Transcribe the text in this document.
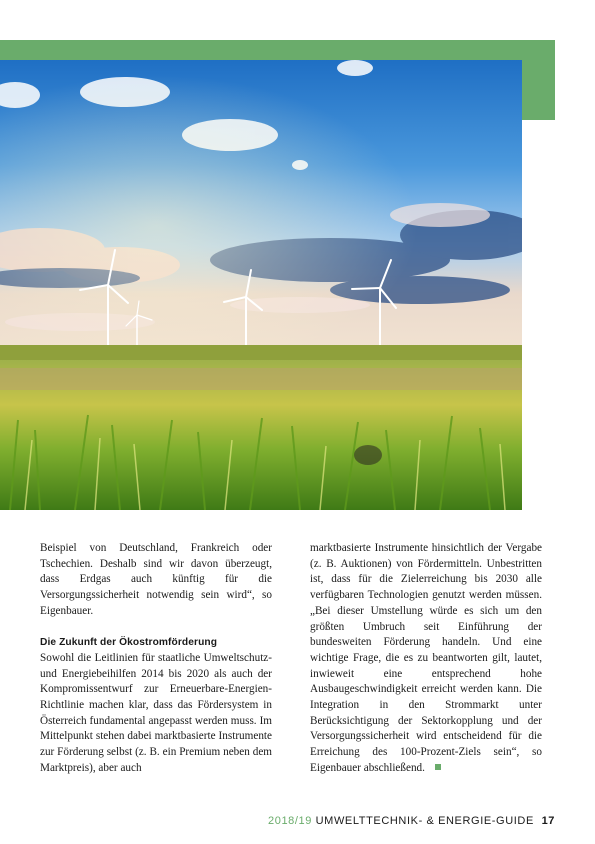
Beispiel von Deutschland, Frankreich oder Tschechien. Deshalb sind wir davon überzeugt, dass Erdgas auch künftig für die Versorgungssicherheit notwendig sein wird“, so Eigenbauer.

Die Zukunft der Ökostromförderung

Sowohl die Leitlinien für staatliche Umweltschutz- und Energiebeihilfen 2014 bis 2020 als auch der Kompromissentwurf zur Erneuerbare-Energien-Richtlinie machen klar, dass das Fördersystem in Österreich fundamental angepasst werden muss. Im Mittelpunkt stehen dabei marktbasierte Instrumente zur Förderung selbst (z. B. ein Premium neben dem Marktpreis), aber auch

marktbasierte Instrumente hinsichtlich der Vergabe (z. B. Auktionen) von Fördermitteln. Unbestritten ist, dass für die Zielerreichung bis 2030 alle verfügbaren Technologien genutzt werden müssen. „Bei dieser Umstellung würde es sich um den größten Umbruch seit Einführung der bundesweiten Förderung handeln. Und eine wichtige Frage, die es zu beantworten gilt, lautet, inwieweit eine entsprechend hohe Ausbaugeschwindigkeit erreicht werden kann. Die Integration in den Strommarkt unter Berücksichtigung der Sektorkopplung und der Versorgungssicherheit wird entscheidend für die Erreichung des 100-Prozent-Ziels sein“, so Eigenbauer abschließend.

2018/19 UMWELTTECHNIK- & ENERGIE-GUIDE 17
